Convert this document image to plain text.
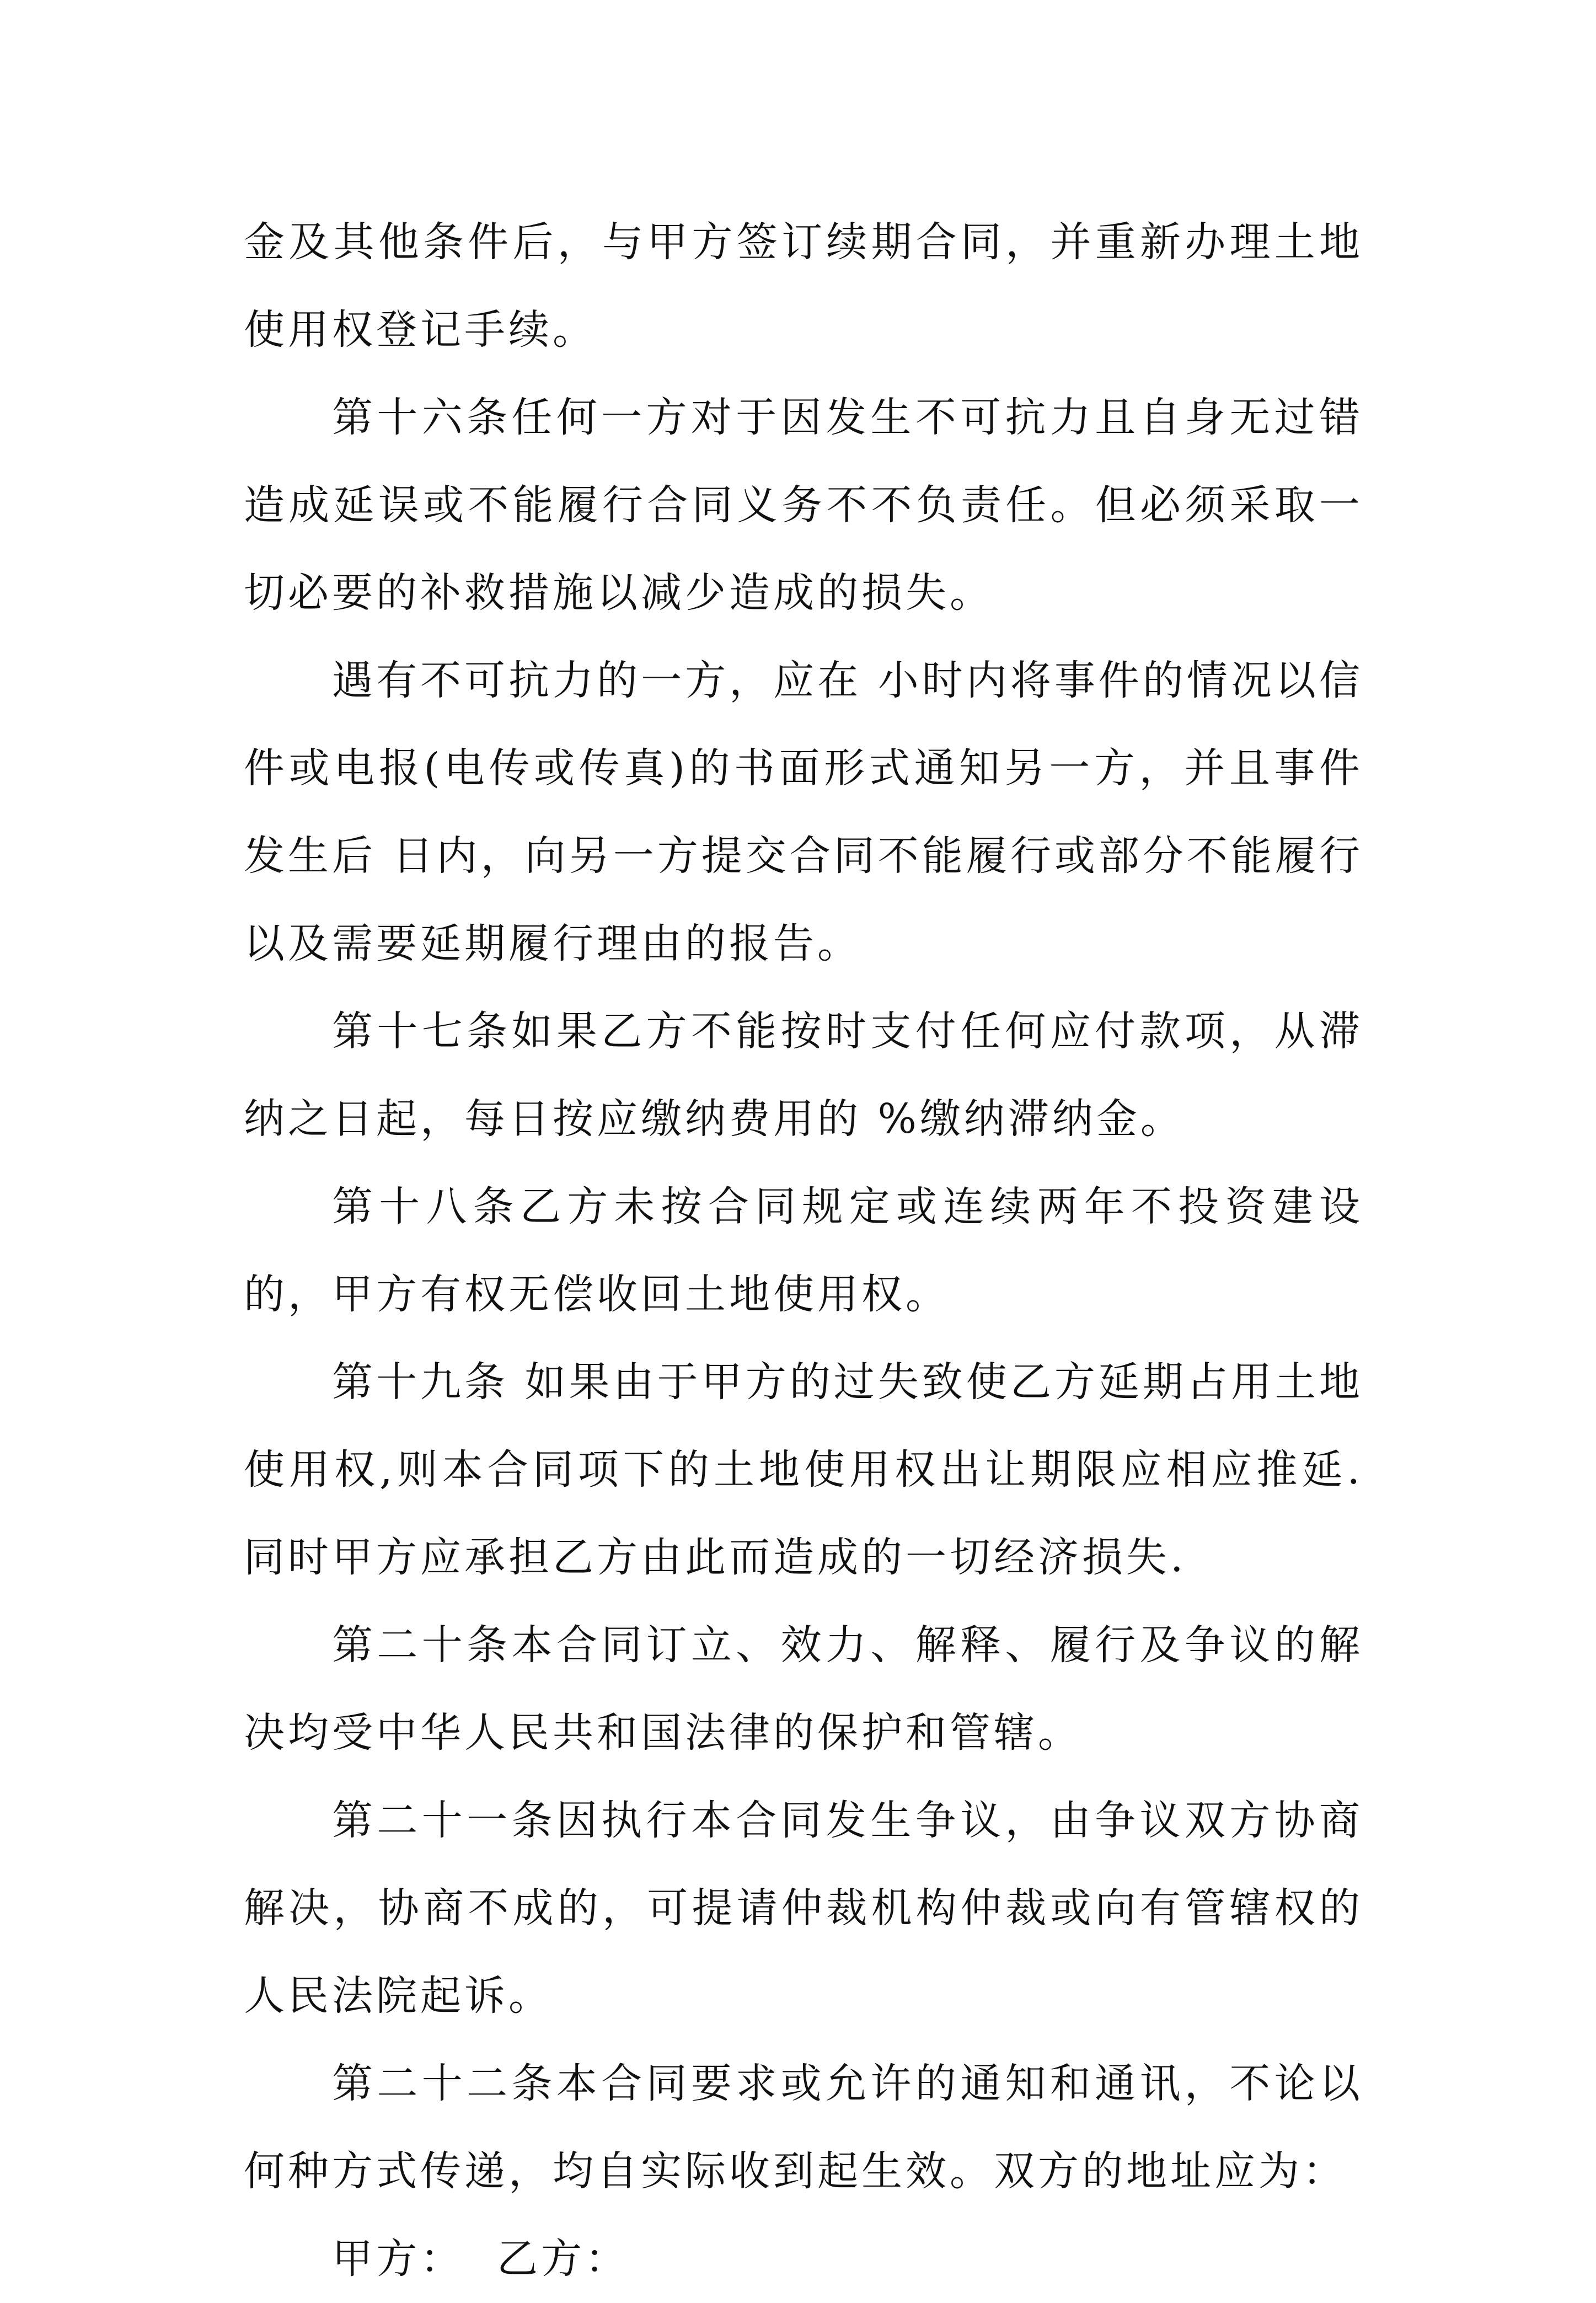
金及其他条件后，与甲方签订续期合同，并重新办理土地使用权登记手续。

第十六条任何一方对于因发生不可抗力且自身无过错造成延误或不能履行合同义务不不负责任。但必须采取一切必要的补救措施以减少造成的损失。

遇有不可抗力的一方，应在 小时内将事件的情况以信件或电报(电传或传真)的书面形式通知另一方，并且事件发生后 日内，向另一方提交合同不能履行或部分不能履行以及需要延期履行理由的报告。

第十七条如果乙方不能按时支付任何应付款项，从滞纳之日起，每日按应缴纳费用的 %缴纳滞纳金。

第十八条乙方未按合同规定或连续两年不投资建设的，甲方有权无偿收回土地使用权。

第十九条 如果由于甲方的过失致使乙方延期占用土地使用权,则本合同项下的土地使用权出让期限应相应推延.同时甲方应承担乙方由此而造成的一切经济损失.

第二十条本合同订立、效力、解释、履行及争议的解决均受中华人民共和国法律的保护和管辖。

第二十一条因执行本合同发生争议，由争议双方协商解决，协商不成的，可提请仲裁机构仲裁或向有管辖权的人民法院起诉。

第二十二条本合同要求或允许的通知和通讯，不论以何种方式传递，均自实际收到起生效。双方的地址应为：

甲方： 乙方：
